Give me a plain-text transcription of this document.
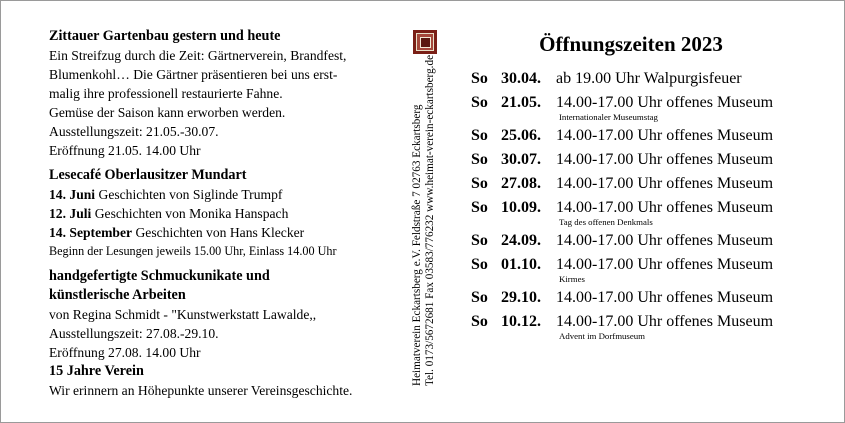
Zittauer Gartenbau gestern und heute
Ein Streifzug durch die Zeit: Gärtnerverein, Brandfest,
Blumenkohl… Die Gärtner präsentieren bei uns erst-
malig ihre professionell restaurierte Fahne.
Gemüse der Saison kann erworben werden.
Ausstellungszeit: 21.05.-30.07.
Eröffnung 21.05. 14.00 Uhr
Lesecafé Oberlausitzer Mundart
14. Juni Geschichten von Siglinde Trumpf
12. Juli Geschichten von Monika Hanspach
14. September Geschichten von Hans Klecker
Beginn der Lesungen jeweils 15.00 Uhr, Einlass 14.00 Uhr
handgefertigte Schmuckunikate und
künstlerische Arbeiten
von Regina Schmidt - "Kunstwerkstatt Lawalde,,
Ausstellungszeit: 27.08.-29.10.
Eröffnung 27.08. 14.00 Uhr
15 Jahre Verein
Wir erinnern an Höhepunkte unserer Vereinsgeschichte.
Heimatverein Eckartsberg e.V. Feldstraße 7 02763 Eckartsberg Tel. 0173/5672681 Fax 03583/776232 www.heimat-verein-eckartsberg.de
Öffnungszeiten 2023
So 30.04. ab 19.00 Uhr Walpurgisfeuer
So 21.05. 14.00-17.00 Uhr offenes Museum
Internationaler Museumstag
So 25.06. 14.00-17.00 Uhr offenes Museum
So 30.07. 14.00-17.00 Uhr offenes Museum
So 27.08. 14.00-17.00 Uhr offenes Museum
So 10.09. 14.00-17.00 Uhr offenes Museum
Tag des offenen Denkmals
So 24.09. 14.00-17.00 Uhr offenes Museum
So 01.10. 14.00-17.00 Uhr offenes Museum
Kirmes
So 29.10. 14.00-17.00 Uhr offenes Museum
So 10.12. 14.00-17.00 Uhr offenes Museum
Advent im Dorfmuseum
